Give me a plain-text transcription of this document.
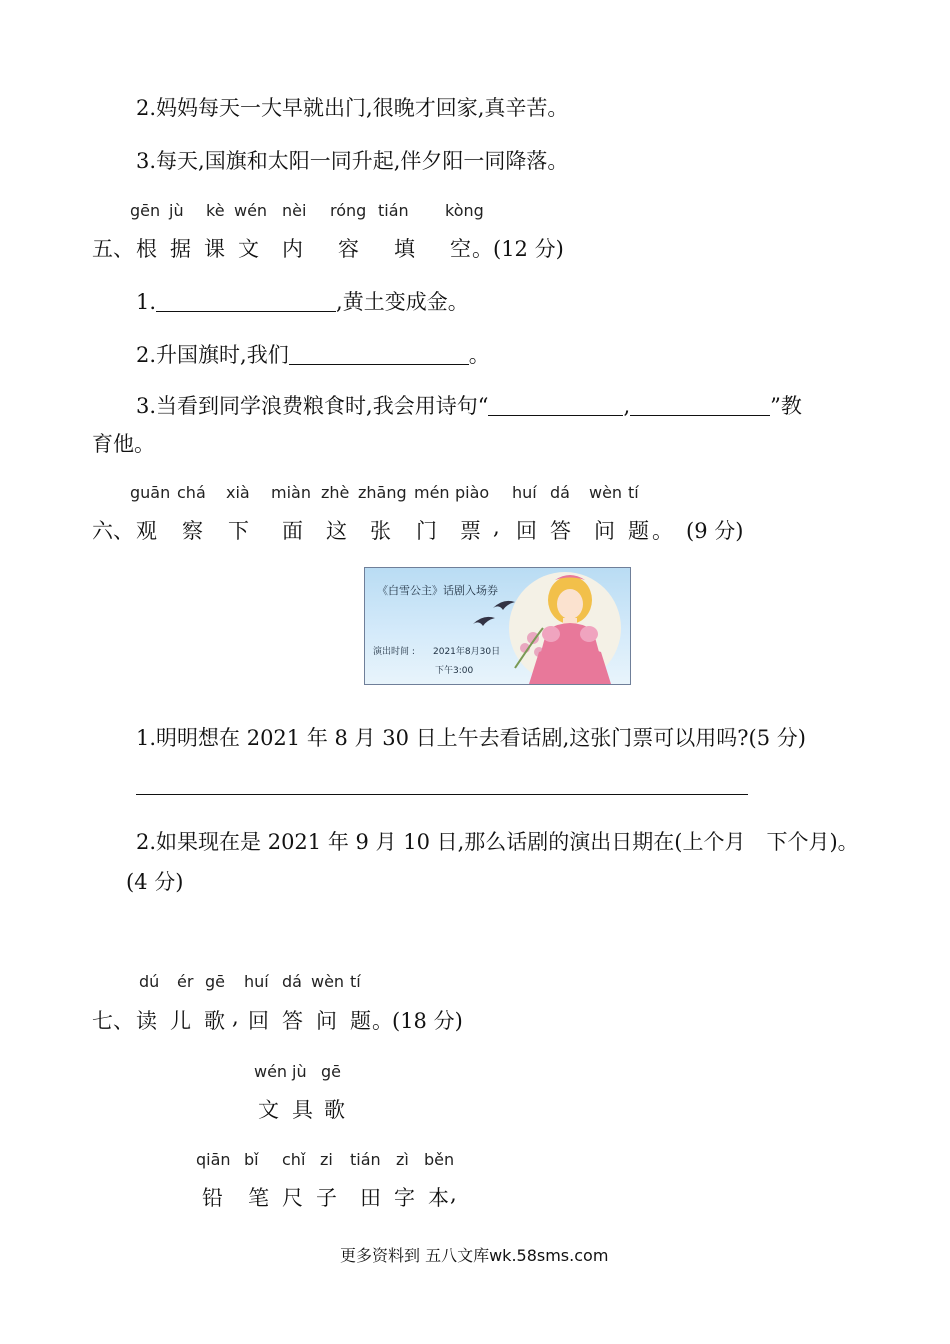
2.妈妈每天一大早就出门,很晚才回家,真辛苦。
3.每天,国旗和太阳一同升起,伴夕阳一同降落。
gēn jù kè wén nèi róng tián kòng
五、 根 据 课 文 内 容 填 空 。(12 分)
1.	,黄土变成金。
2.升国旗时,我们	。
3.当看到同学浪费粮食时,我会用诗句“	,	”教
育他。
guān chá xià miàn zhè zhāng mén piào huí dá wèn tí
六、 观 察 下 面 这 张 门 票 , 回 答 问 题 。 (9 分)
《白雪公主》话剧入场券
演出时间 : 2021年8月30日
下午3:00
1.明明想在 2021 年 8 月 30 日上午去看话剧,这张门票可以用吗?(5 分)
2.如果现在是 2021 年 9 月 10 日,那么话剧的演出日期在(上个月　下个月)。
(4 分)
dú ér gē huí dá wèn tí
七、 读 儿 歌 , 回 答 问 题 。 (18 分)
wén jù gē
文 具 歌
qiān bǐ chǐ zi tián zì běn
铅 笔 尺 子 田 字 本 ,
更多资料到 五八文库wk.58sms.com
